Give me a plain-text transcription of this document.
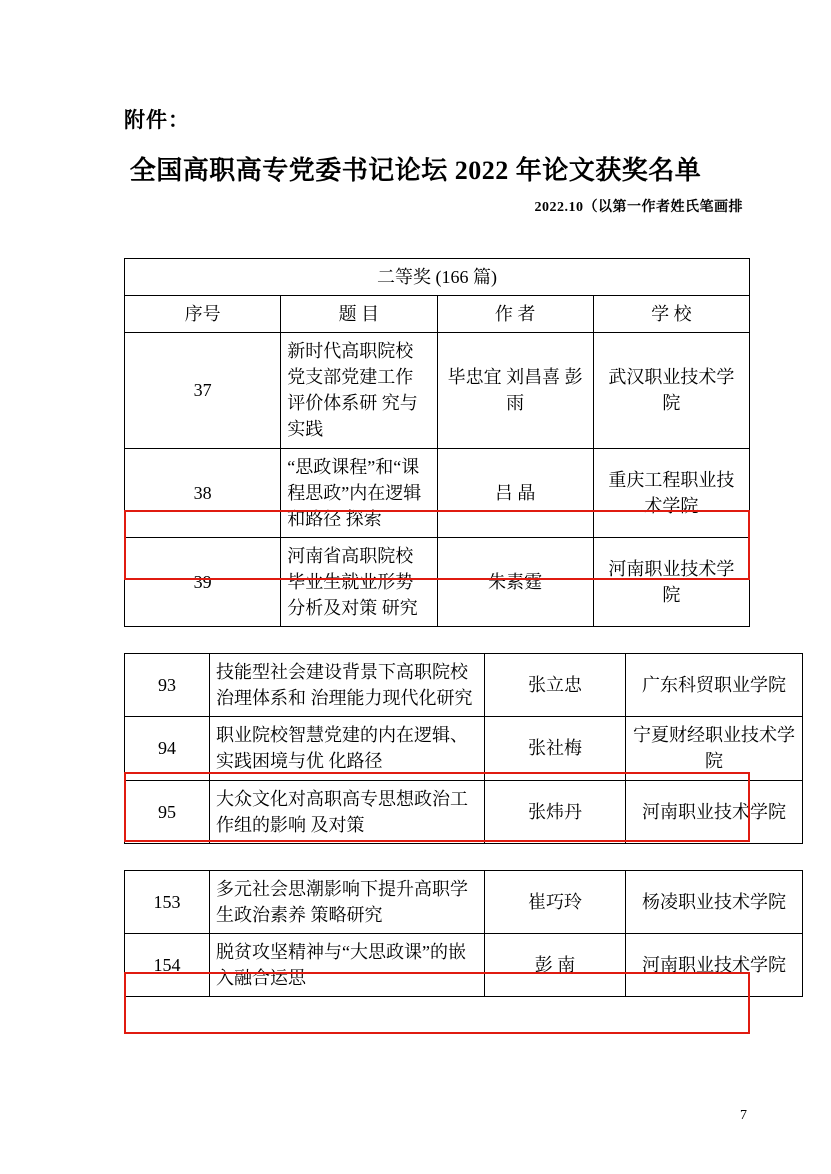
附件：
全国高职高专党委书记论坛 2022 年论文获奖名单
2022.10（以第一作者姓氏笔画排
二等奖 (166 篇)			
序号	题 目	作 者	学 校
37	新时代高职院校党支部党建工作评价体系研 究与实践	毕忠宜 刘昌喜 彭雨	武汉职业技术学院
38	“思政课程”和“课程思政”内在逻辑和路径 探索	吕 晶	重庆工程职业技术学院
39	河南省高职院校毕业生就业形势分析及对策 研究	朱素霆	河南职业技术学院
93	技能型社会建设背景下高职院校治理体系和 治理能力现代化研究	张立忠	广东科贸职业学院
94	职业院校智慧党建的内在逻辑、实践困境与优 化路径	张社梅	宁夏财经职业技术学院
95	大众文化对高职高专思想政治工作组的影响 及对策	张炜丹	河南职业技术学院
153	多元社会思潮影响下提升高职学生政治素养 策略研究	崔巧玲	杨凌职业技术学院
154	脱贫攻坚精神与“大思政课”的嵌入融合运思	彭 南	河南职业技术学院
7
